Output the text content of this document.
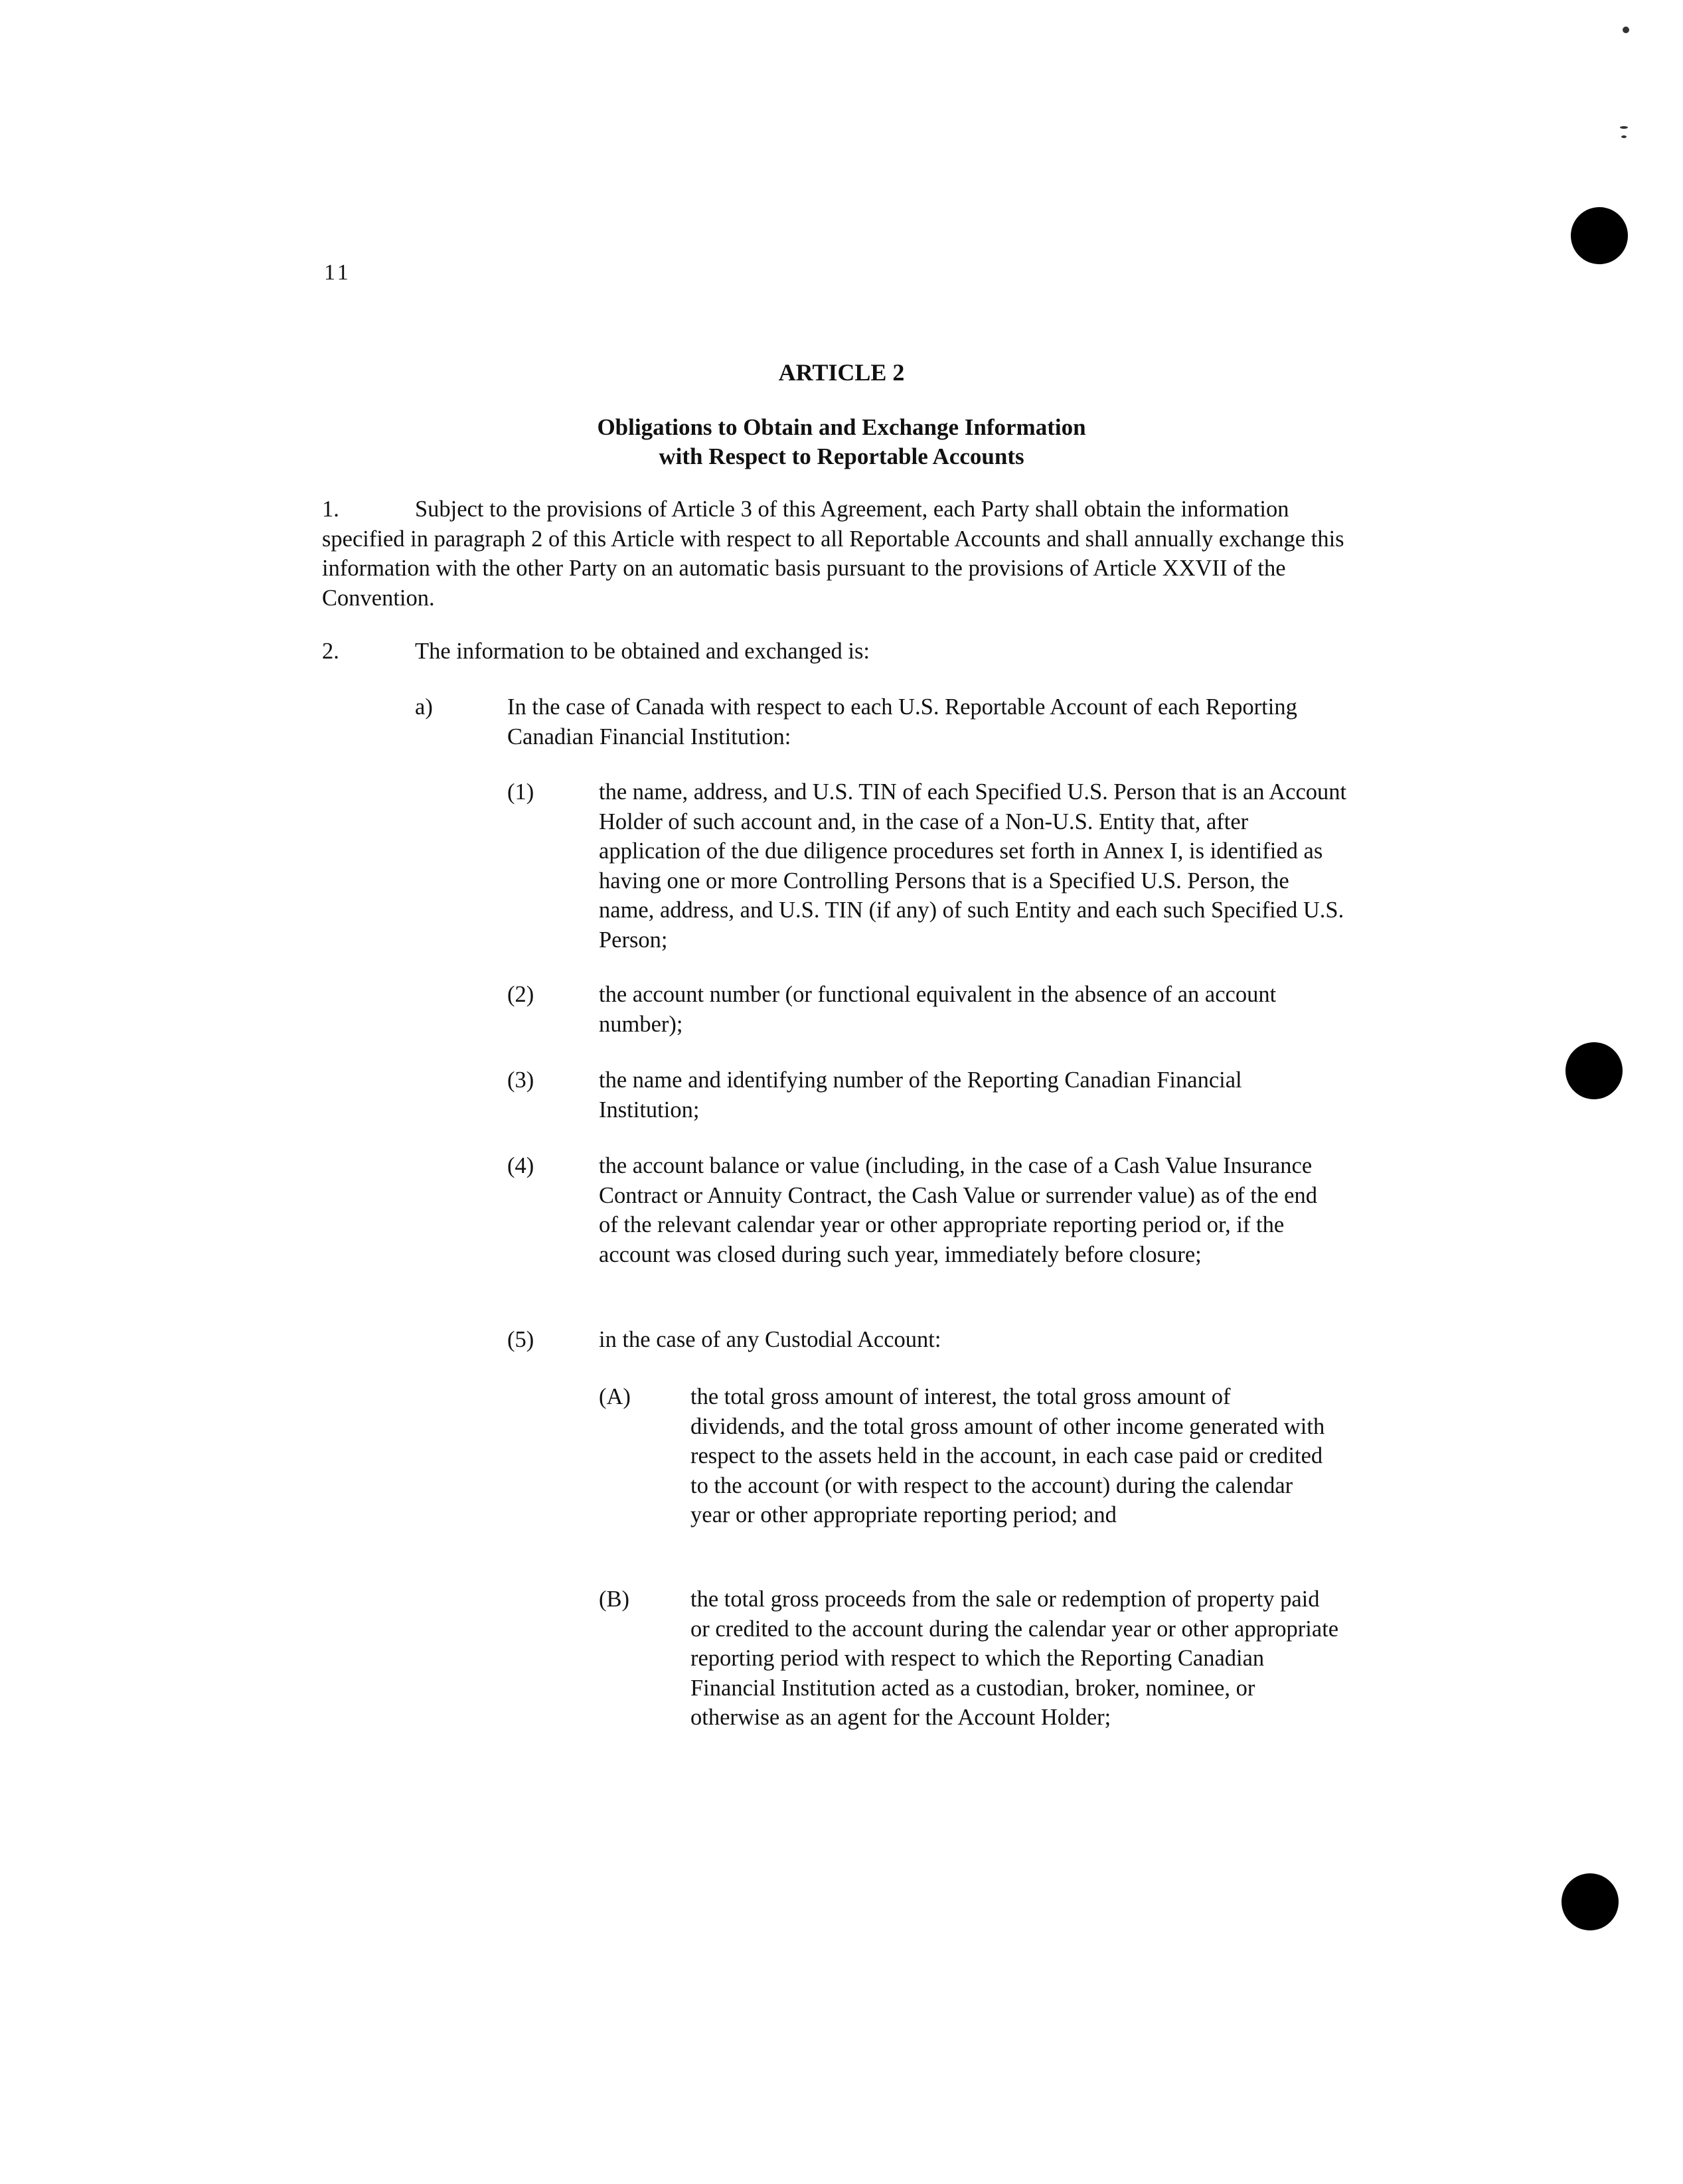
11
ARTICLE 2
Obligations to Obtain and Exchange Information
with Respect to Reportable Accounts
1.	Subject to the provisions of Article 3 of this Agreement, each Party shall obtain the information specified in paragraph 2 of this Article with respect to all Reportable Accounts and shall annually exchange this information with the other Party on an automatic basis pursuant to the provisions of Article XXVII of the Convention.
2.	The information to be obtained and exchanged is:
a)	In the case of Canada with respect to each U.S. Reportable Account of each Reporting Canadian Financial Institution:
(1)	the name, address, and U.S. TIN of each Specified U.S. Person that is an Account Holder of such account and, in the case of a Non-U.S. Entity that, after application of the due diligence procedures set forth in Annex I, is identified as having one or more Controlling Persons that is a Specified U.S. Person, the name, address, and U.S. TIN (if any) of such Entity and each such Specified U.S. Person;
(2)	the account number (or functional equivalent in the absence of an account number);
(3)	the name and identifying number of the Reporting Canadian Financial Institution;
(4)	the account balance or value (including, in the case of a Cash Value Insurance Contract or Annuity Contract, the Cash Value or surrender value) as of the end of the relevant calendar year or other appropriate reporting period or, if the account was closed during such year, immediately before closure;
(5)	in the case of any Custodial Account:
(A)	the total gross amount of interest, the total gross amount of dividends, and the total gross amount of other income generated with respect to the assets held in the account, in each case paid or credited to the account (or with respect to the account) during the calendar year or other appropriate reporting period; and
(B)	the total gross proceeds from the sale or redemption of property paid or credited to the account during the calendar year or other appropriate reporting period with respect to which the Reporting Canadian Financial Institution acted as a custodian, broker, nominee, or otherwise as an agent for the Account Holder;
